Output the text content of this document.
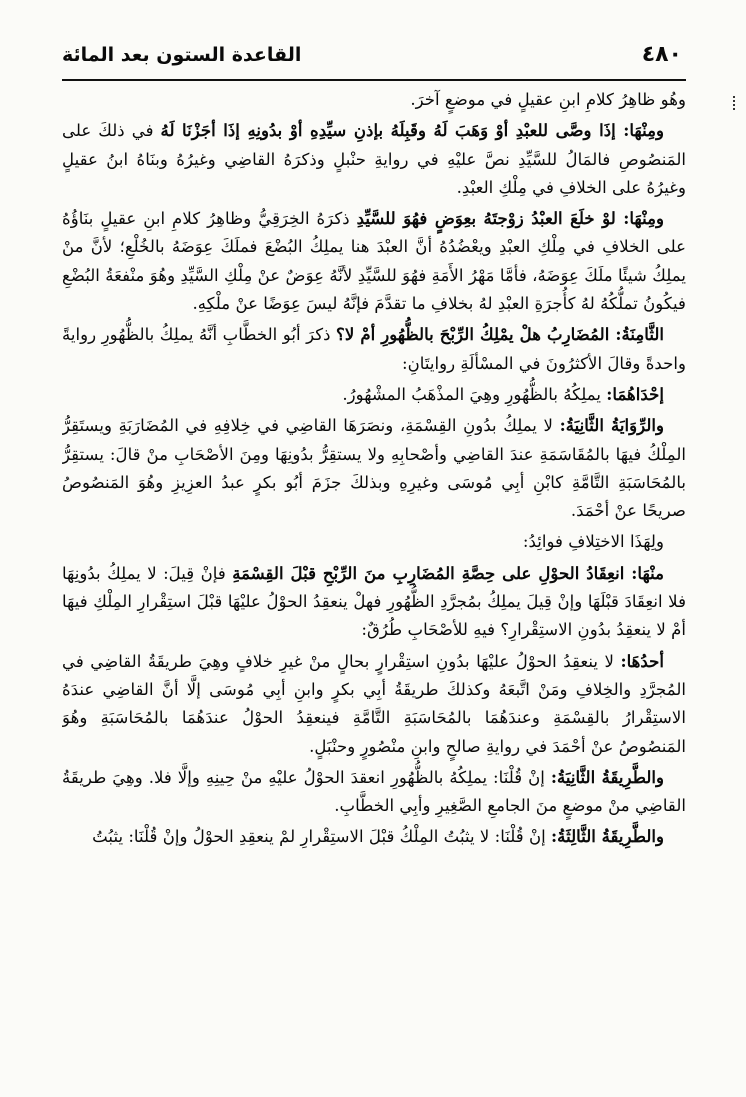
٤٨٠
القاعدة الستون بعد المائة

وهُو ظاهِرُ كلامِ ابنِ عقيلٍ في موضعٍ آخرَ.

ومِنْهَا: إذَا وصَّى للعبْدِ أوْ وَهَبَ لَهُ وقَبِلَهُ بإذنِ سيِّدِهِ أوْ بدُونِهِ إذَا أجَزْنَا لَهُ في ذلكَ على المَنصُوصِ فالمَالُ للسَّيِّدِ نصَّ عليْهِ في روايةِ حنْبلٍ وذكرَهُ القاضِي وغيرُهُ وبنَاهُ ابنُ عقيلٍ وغيرُهُ على الخلافِ في مِلْكِ العبْدِ.

ومِنْهَا: لوْ خلَعَ العبْدُ زوْجتَهُ بعِوَضٍ فهُوَ للسَّيِّدِ ذكرَهُ الخِرَقِيُّ وظاهِرُ كلامِ ابنِ عقيلٍ بنَاؤُهُ على الخلافِ في مِلْكِ العبْدِ ويعْضُدُهُ أنَّ العبْدَ هنا يملِكُ البُضْعَ فملَكَ عِوَضَهُ بالخُلْعِ؛ لأنَّ منْ يملِكُ شيئًا ملَكَ عِوَضَهُ، فأمَّا مَهْرُ الأَمَةِ فهُوَ للسَّيِّدِ لأنَّهُ عِوَضٌ عنْ مِلْكِ السَّيِّدِ وهُوَ منْفعَةُ البُضْعِ فيكُونُ تملُّكُهُ لهُ كأُجرَةِ العبْدِ لهُ بخلافِ ما تقدَّمَ فإنَّهُ ليسَ عِوَضًا عنْ ملْكِهِ.

الثَّامِنَةُ: المُضَارِبُ هلْ يمْلِكُ الرِّبْحَ بالظُّهُورِ أمْ لا؟ ذكرَ أبُو الخطَّابِ أنَّهُ يملِكُ بالظُّهُورِ روايةً واحدةً وقالَ الأكثرُونَ في المسْألَةِ روايتَانِ:

إحْدَاهُمَا: يملِكُهُ بالظُّهُورِ وهِيَ المذْهَبُ المشْهُورُ.

والرِّوَايَةُ الثَّانِيَةُ: لا يملِكُ بدُونِ القِسْمَةِ، ونصَرَهَا القاضِي في خِلافِهِ في المُضَارَبَةِ ويستَقِرُّ المِلْكُ فيهَا بالمُقَاسَمَةِ عندَ القاضِي وأصْحابِهِ ولا يستقِرُّ بدُونِهَا ومِنَ الأصْحَابِ منْ قالَ: يستقِرُّ بالمُحَاسَبَةِ التَّامَّةِ كابْنِ أبِي مُوسَى وغيرِهِ وبذلكَ جزَمَ أبُو بكرٍ عبدُ العزِيزِ وهُوَ المَنصُوصُ صريحًا عنْ أحْمَدَ.

ولِهَذَا الاختِلافِ فوائِدُ:

منْهَا: انعِقَادُ الحوْلِ على حِصَّةِ المُضَارِبِ منَ الرِّبْحِ قبْلَ القِسْمَةِ فإنْ قِيلَ: لا يملِكُ بدُونِهَا فلا انعِقَادَ قبْلَهَا وإنْ قِيلَ يملِكُ بمُجرَّدِ الظُّهُورِ فهلْ ينعقِدُ الحوْلُ عليْهَا قبْلَ استِقْرارِ المِلْكِ فيهَا أمْ لا ينعقِدُ بدُونِ الاستِقْرارِ؟ فيهِ للأصْحَابِ طُرُقٌ:

أحدُهَا: لا ينعقِدُ الحوْلُ عليْهَا بدُونِ استِقْرارٍ بحالٍ منْ غيرِ خلافٍ وهِيَ طريقَةُ القاضِي في المُجرَّدِ والخِلافِ ومَنْ اتَّبعَهُ وكذلكَ طريقَةُ أبِي بكرٍ وابنِ أبِي مُوسَى إلَّا أنَّ القاضِي عندَهُ الاستِقْرارُ بالقِسْمَةِ وعندَهُمَا بالمُحَاسَبَةِ التَّامَّةِ فينعقِدُ الحوْلُ عندَهُمَا بالمُحَاسَبَةِ وهُوَ المَنصُوصُ عنْ أحْمَدَ في روايةِ صالحٍ وابنِ منْصُورٍ وحنْبَلٍ.

والطَّرِيقَةُ الثَّانِيَةُ: إنْ قُلْنَا: يملِكُهُ بالظُّهُورِ انعقدَ الحوْلُ عليْهِ منْ حِينِهِ وإلَّا فلا. وهِيَ طريقَةُ القاضِي منْ موضعٍ منَ الجامعِ الصَّغِيرِ وأبِي الخطَّابِ.

والطَّرِيقَةُ الثَّالِثَةُ: إنْ قُلْنَا: لا يثبُتُ المِلْكُ قبْلَ الاستِقْرارِ لمْ ينعقِدِ الحوْلُ وإنْ قُلْنَا: يثبُتُ
